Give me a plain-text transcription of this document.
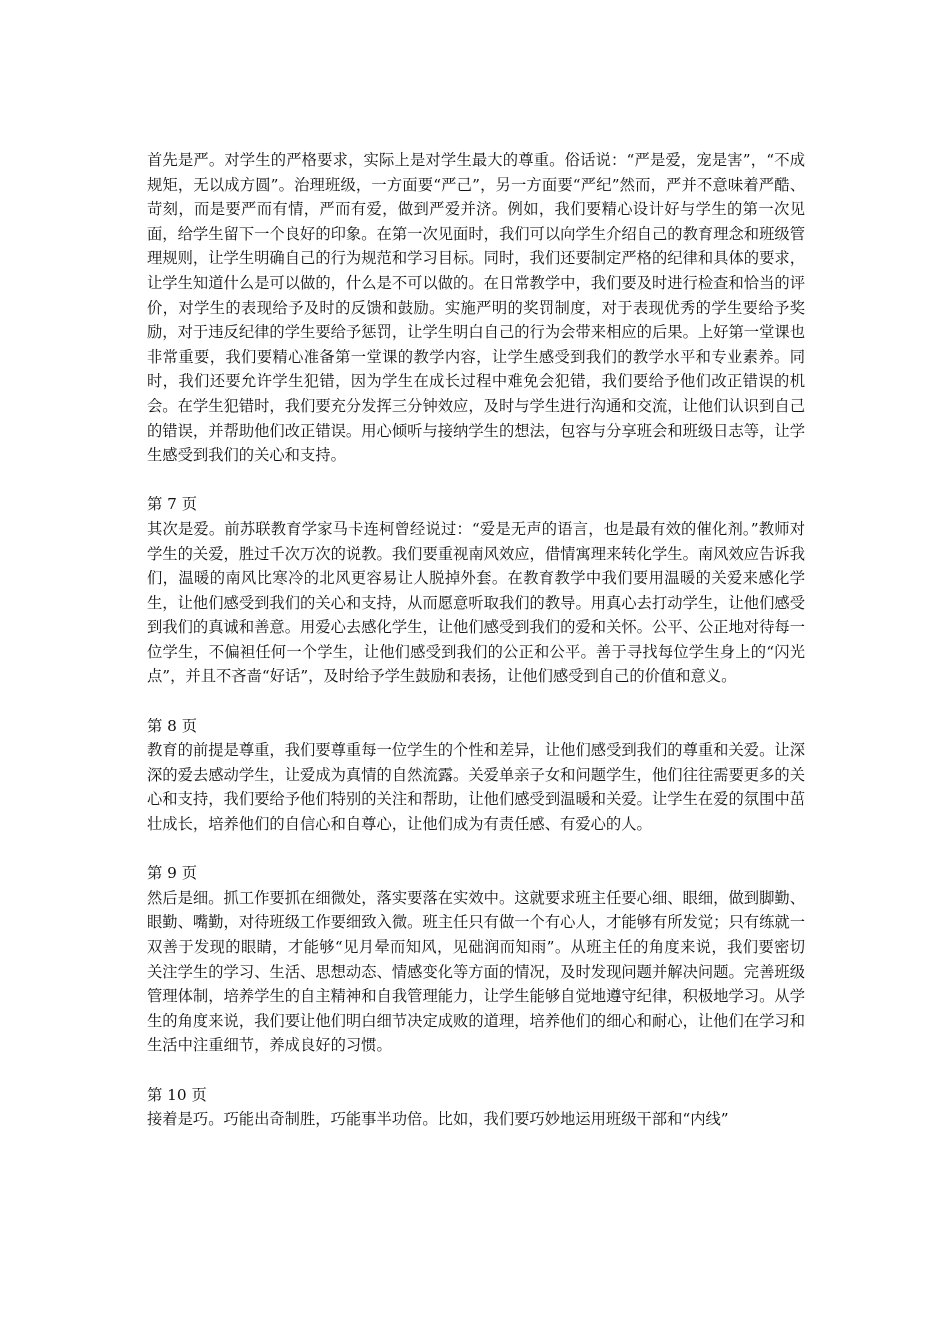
首先是严。对学生的严格要求，实际上是对学生最大的尊重。俗话说：“严是爱，宠是害”，“不成规矩，无以成方圆”。治理班级，一方面要“严己”，另一方面要“严纪”然而，严并不意味着严酷、苛刻，而是要严而有情，严而有爱，做到严爱并济。例如，我们要精心设计好与学生的第一次见面，给学生留下一个良好的印象。在第一次见面时，我们可以向学生介绍自己的教育理念和班级管理规则，让学生明确自己的行为规范和学习目标。同时，我们还要制定严格的纪律和具体的要求，让学生知道什么是可以做的，什么是不可以做的。在日常教学中，我们要及时进行检查和恰当的评价，对学生的表现给予及时的反馈和鼓励。实施严明的奖罚制度，对于表现优秀的学生要给予奖励，对于违反纪律的学生要给予惩罚，让学生明白自己的行为会带来相应的后果。上好第一堂课也非常重要，我们要精心准备第一堂课的教学内容，让学生感受到我们的教学水平和专业素养。同时，我们还要允许学生犯错，因为学生在成长过程中难免会犯错，我们要给予他们改正错误的机会。在学生犯错时，我们要充分发挥三分钟效应，及时与学生进行沟通和交流，让他们认识到自己的错误，并帮助他们改正错误。用心倾听与接纳学生的想法，包容与分享班会和班级日志等，让学生感受到我们的关心和支持。

第 7 页

其次是爱。前苏联教育学家马卡连柯曾经说过：“爱是无声的语言，也是最有效的催化剂。”教师对学生的关爱，胜过千次万次的说教。我们要重视南风效应，借情寓理来转化学生。南风效应告诉我们，温暖的南风比寒冷的北风更容易让人脱掉外套。在教育教学中我们要用温暖的关爱来感化学生，让他们感受到我们的关心和支持，从而愿意听取我们的教导。用真心去打动学生，让他们感受到我们的真诚和善意。用爱心去感化学生，让他们感受到我们的爱和关怀。公平、公正地对待每一位学生，不偏袒任何一个学生，让他们感受到我们的公正和公平。善于寻找每位学生身上的“闪光点”，并且不吝啬“好话”，及时给予学生鼓励和表扬，让他们感受到自己的价值和意义。

第 8 页

教育的前提是尊重，我们要尊重每一位学生的个性和差异，让他们感受到我们的尊重和关爱。让深深的爱去感动学生，让爱成为真情的自然流露。关爱单亲子女和问题学生，他们往往需要更多的关心和支持，我们要给予他们特别的关注和帮助，让他们感受到温暖和关爱。让学生在爱的氛围中茁壮成长，培养他们的自信心和自尊心，让他们成为有责任感、有爱心的人。

第 9 页

然后是细。抓工作要抓在细微处，落实要落在实效中。这就要求班主任要心细、眼细，做到脚勤、眼勤、嘴勤，对待班级工作要细致入微。班主任只有做一个有心人，才能够有所发觉；只有练就一双善于发现的眼睛，才能够“见月晕而知风，见础润而知雨”。从班主任的角度来说，我们要密切关注学生的学习、生活、思想动态、情感变化等方面的情况，及时发现问题并解决问题。完善班级管理体制，培养学生的自主精神和自我管理能力，让学生能够自觉地遵守纪律，积极地学习。从学生的角度来说，我们要让他们明白细节决定成败的道理，培养他们的细心和耐心，让他们在学习和生活中注重细节，养成良好的习惯。

第 10 页

接着是巧。巧能出奇制胜，巧能事半功倍。比如，我们要巧妙地运用班级干部和“内线”
